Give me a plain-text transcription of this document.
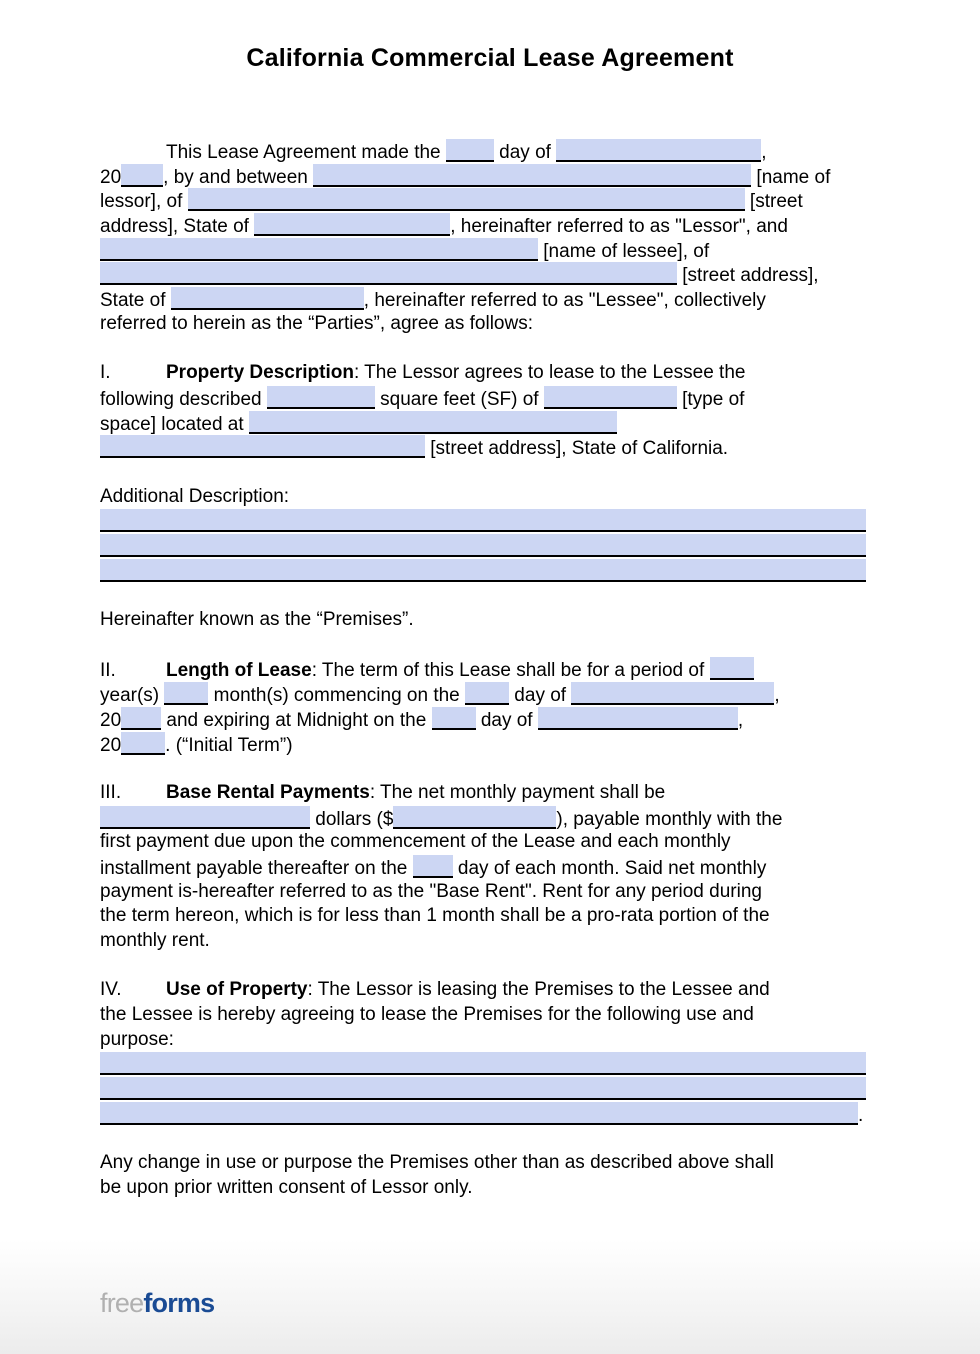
California Commercial Lease Agreement
This Lease Agreement made the	day of	,
20 , by and between	[name of
lessor], of	[street
address], State of	, hereinafter referred to as "Lessor", and
[name of lessee], of
[street address],
State of	, hereinafter referred to as "Lessee", collectively
referred to herein as the “Parties”, agree as follows:
I.	Property Description: The Lessor agrees to lease to the Lessee the
following described	square feet (SF) of	[type of
space] located at
[street address], State of California.
Additional Description:
Hereinafter known as the “Premises”.
II.	Length of Lease: The term of this Lease shall be for a period of
year(s)  month(s) commencing on the  day of	,
20 and expiring at Midnight on the  day of	,
20 . (“Initial Term”)
III. Base Rental Payments: The net monthly payment shall be
dollars ($	), payable monthly with the
first payment due upon the commencement of the Lease and each monthly
installment payable thereafter on the  day of each month. Said net monthly
payment is-hereafter referred to as the "Base Rent". Rent for any period during
the term hereon, which is for less than 1 month shall be a pro-rata portion of the
monthly rent.
IV. Use of Property: The Lessor is leasing the Premises to the Lessee and
the Lessee is hereby agreeing to lease the Premises for the following use and
purpose:
.
Any change in use or purpose the Premises other than as described above shall
be upon prior written consent of Lessor only.
freeforms
